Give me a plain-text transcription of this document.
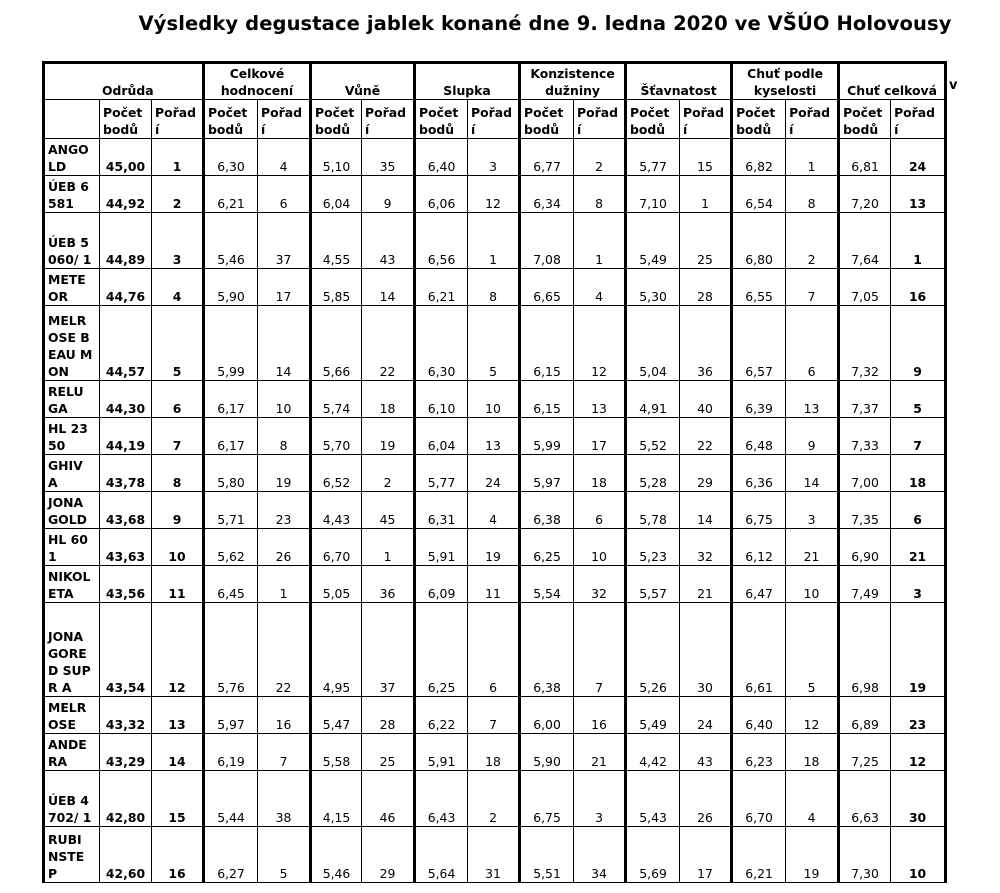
Výsledky degustace jablek konané dne 9. ledna 2020 ve VŠÚO Holovousy
v
Odrůda			Celkové hodnocení		Vůně		Slupka		Konzistence dužniny		Šťavnatost		Chuť podle kyselosti		Chuť celková	
	Počet bodů	Pořad í	Počet bodů	Pořad í	Počet bodů	Pořad í	Počet bodů	Pořad í	Počet bodů	Pořad í	Počet bodů	Pořad í	Počet bodů	Pořad í	Počet bodů	Pořad í
ANGO LD	45,00	1	6,30	4	5,10	35	6,40	3	6,77	2	5,77	15	6,82	1	6,81	24
ÚEB 6581	44,92	2	6,21	6	6,04	9	6,06	12	6,34	8	7,10	1	6,54	8	7,20	13
ÚEB 5060/ 1	44,89	3	5,46	37	4,55	43	6,56	1	7,08	1	5,49	25	6,80	2	7,64	1
METE OR	44,76	4	5,90	17	5,85	14	6,21	8	6,65	4	5,30	28	6,55	7	7,05	16
MELR OSE BEAU MON	44,57	5	5,99	14	5,66	22	6,30	5	6,15	12	5,04	36	6,57	6	7,32	9
RELU GA	44,30	6	6,17	10	5,74	18	6,10	10	6,15	13	4,91	40	6,39	13	7,37	5
HL 2350	44,19	7	6,17	8	5,70	19	6,04	13	5,99	17	5,52	22	6,48	9	7,33	7
GHIV A	43,78	8	5,80	19	6,52	2	5,77	24	5,97	18	5,28	29	6,36	14	7,00	18
JONA GOLD	43,68	9	5,71	23	4,43	45	6,31	4	6,38	6	5,78	14	6,75	3	7,35	6
HL 601	43,63	10	5,62	26	6,70	1	5,91	19	6,25	10	5,23	32	6,12	21	6,90	21
NIKOL ETA	43,56	11	6,45	1	5,05	36	6,09	11	5,54	32	5,57	21	6,47	10	7,49	3
JONA GORE D SUPR A	43,54	12	5,76	22	4,95	37	6,25	6	6,38	7	5,26	30	6,61	5	6,98	19
MELR OSE	43,32	13	5,97	16	5,47	28	6,22	7	6,00	16	5,49	24	6,40	12	6,89	23
ANDE RA	43,29	14	6,19	7	5,58	25	5,91	18	5,90	21	4,42	43	6,23	18	7,25	12
ÚEB 4702/ 1	42,80	15	5,44	38	4,15	46	6,43	2	6,75	3	5,43	26	6,70	4	6,63	30
RUBI NSTE P	42,60	16	6,27	5	5,46	29	5,64	31	5,51	34	5,69	17	6,21	19	7,30	10
